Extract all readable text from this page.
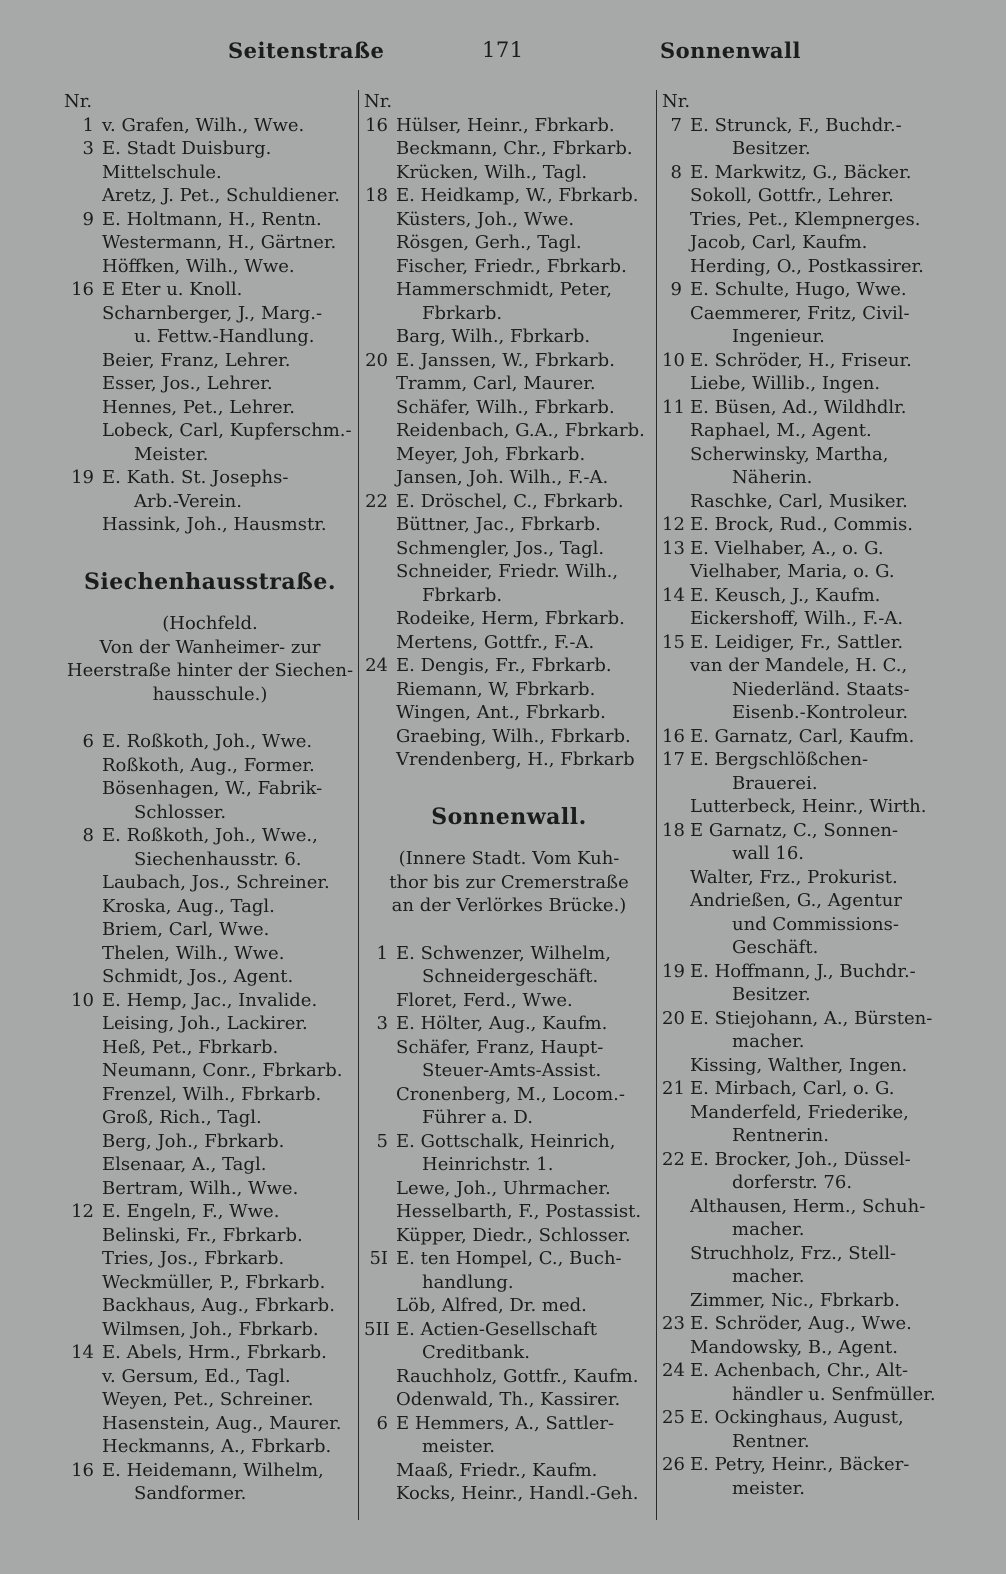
Seitenstraße	171	Sonnenwall
Nr.
1 v. Grafen, Wilh., Wwe.
3 E. Stadt Duisburg.
Mittelschule.
Aretz, J. Pet., Schuldiener.
9 E. Holtmann, H., Rentn.
Westermann, H., Gärtner.
Höffken, Wilh., Wwe.
16 E Eter u. Knoll.
Scharnberger, J., Marg.-
u. Fettw.-Handlung.
Beier, Franz, Lehrer.
Esser, Jos., Lehrer.
Hennes, Pet., Lehrer.
Lobeck, Carl, Kupferschm.-
Meister.
19 E. Kath. St. Josephs-
Arb.-Verein.
Hassink, Joh., Hausmstr.
Siechenhausstraße.
(Hochfeld.
Von der Wanheimer- zur
Heerstraße hinter der Siechen-
hausschule.)
6 E. Roßkoth, Joh., Wwe.
Roßkoth, Aug., Former.
Bösenhagen, W., Fabrik-
Schlosser.
8 E. Roßkoth, Joh., Wwe.,
Siechenhausstr. 6.
Laubach, Jos., Schreiner.
Kroska, Aug., Tagl.
Briem, Carl, Wwe.
Thelen, Wilh., Wwe.
Schmidt, Jos., Agent.
10 E. Hemp, Jac., Invalide.
Leising, Joh., Lackirer.
Heß, Pet., Fbrkarb.
Neumann, Conr., Fbrkarb.
Frenzel, Wilh., Fbrkarb.
Groß, Rich., Tagl.
Berg, Joh., Fbrkarb.
Elsenaar, A., Tagl.
Bertram, Wilh., Wwe.
12 E. Engeln, F., Wwe.
Belinski, Fr., Fbrkarb.
Tries, Jos., Fbrkarb.
Weckmüller, P., Fbrkarb.
Backhaus, Aug., Fbrkarb.
Wilmsen, Joh., Fbrkarb.
14 E. Abels, Hrm., Fbrkarb.
v. Gersum, Ed., Tagl.
Weyen, Pet., Schreiner.
Hasenstein, Aug., Maurer.
Heckmanns, A., Fbrkarb.
16 E. Heidemann, Wilhelm,
Sandformer.
Nr.
16 Hülser, Heinr., Fbrkarb.
Beckmann, Chr., Fbrkarb.
Krücken, Wilh., Tagl.
18 E. Heidkamp, W., Fbrkarb.
Küsters, Joh., Wwe.
Rösgen, Gerh., Tagl.
Fischer, Friedr., Fbrkarb.
Hammerschmidt, Peter,
Fbrkarb.
Barg, Wilh., Fbrkarb.
20 E. Janssen, W., Fbrkarb.
Tramm, Carl, Maurer.
Schäfer, Wilh., Fbrkarb.
Reidenbach, G.A., Fbrkarb.
Meyer, Joh, Fbrkarb.
Jansen, Joh. Wilh., F.-A.
22 E. Dröschel, C., Fbrkarb.
Büttner, Jac., Fbrkarb.
Schmengler, Jos., Tagl.
Schneider, Friedr. Wilh.,
Fbrkarb.
Rodeike, Herm, Fbrkarb.
Mertens, Gottfr., F.-A.
24 E. Dengis, Fr., Fbrkarb.
Riemann, W, Fbrkarb.
Wingen, Ant., Fbrkarb.
Graebing, Wilh., Fbrkarb.
Vrendenberg, H., Fbrkarb
Sonnenwall.
(Innere Stadt. Vom Kuh-
thor bis zur Cremerstraße
an der Verlörkes Brücke.)
1 E. Schwenzer, Wilhelm,
Schneidergeschäft.
Floret, Ferd., Wwe.
3 E. Hölter, Aug., Kaufm.
Schäfer, Franz, Haupt-
Steuer-Amts-Assist.
Cronenberg, M., Locom.-
Führer a. D.
5 E. Gottschalk, Heinrich,
Heinrichstr. 1.
Lewe, Joh., Uhrmacher.
Hesselbarth, F., Postassist.
Küpper, Diedr., Schlosser.
5I E. ten Hompel, C., Buch-
handlung.
Löb, Alfred, Dr. med.
5II E. Actien-Gesellschaft
Creditbank.
Rauchholz, Gottfr., Kaufm.
Odenwald, Th., Kassirer.
6 E Hemmers, A., Sattler-
meister.
Maaß, Friedr., Kaufm.
Kocks, Heinr., Handl.-Geh.
Nr.
7 E. Strunck, F., Buchdr.-
Besitzer.
8 E. Markwitz, G., Bäcker.
Sokoll, Gottfr., Lehrer.
Tries, Pet., Klempnerges.
Jacob, Carl, Kaufm.
Herding, O., Postkassirer.
9 E. Schulte, Hugo, Wwe.
Caemmerer, Fritz, Civil-
Ingenieur.
10 E. Schröder, H., Friseur.
Liebe, Willib., Ingen.
11 E. Büsen, Ad., Wildhdlr.
Raphael, M., Agent.
Scherwinsky, Martha,
Näherin.
Raschke, Carl, Musiker.
12 E. Brock, Rud., Commis.
13 E. Vielhaber, A., o. G.
Vielhaber, Maria, o. G.
14 E. Keusch, J., Kaufm.
Eickershoff, Wilh., F.-A.
15 E. Leidiger, Fr., Sattler.
van der Mandele, H. C.,
Niederländ. Staats-
Eisenb.-Kontroleur.
16 E. Garnatz, Carl, Kaufm.
17 E. Bergschlößchen-
Brauerei.
Lutterbeck, Heinr., Wirth.
18 E Garnatz, C., Sonnen-
wall 16.
Walter, Frz., Prokurist.
Andrießen, G., Agentur
und Commissions-
Geschäft.
19 E. Hoffmann, J., Buchdr.-
Besitzer.
20 E. Stiejohann, A., Bürsten-
macher.
Kissing, Walther, Ingen.
21 E. Mirbach, Carl, o. G.
Manderfeld, Friederike,
Rentnerin.
22 E. Brocker, Joh., Düssel-
dorferstr. 76.
Althausen, Herm., Schuh-
macher.
Struchholz, Frz., Stell-
macher.
Zimmer, Nic., Fbrkarb.
23 E. Schröder, Aug., Wwe.
Mandowsky, B., Agent.
24 E. Achenbach, Chr., Alt-
händler u. Senfmüller.
25 E. Ockinghaus, August,
Rentner.
26 E. Petry, Heinr., Bäcker-
meister.
